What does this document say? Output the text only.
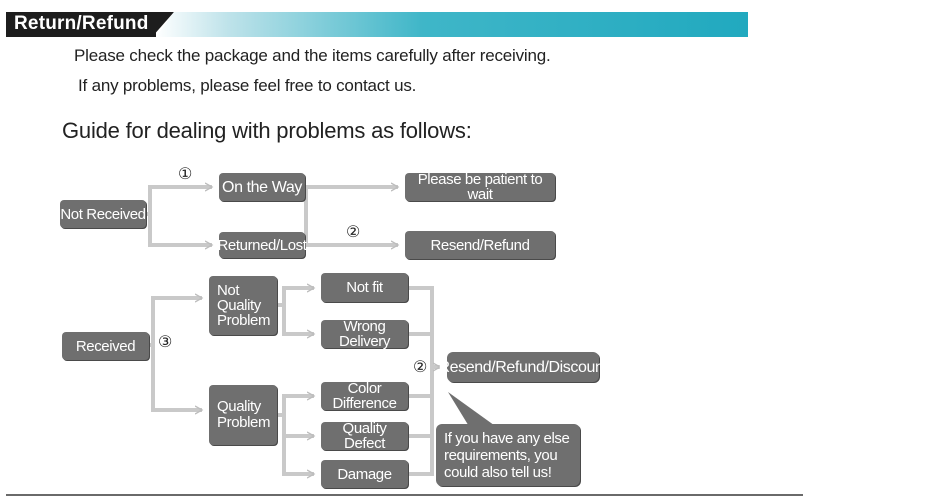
Return/Refund
Please check the package and the items carefully after receiving.
If any problems, please feel free to contact us.
Guide for dealing with problems as follows:
Not Received
On the Way
Returned/Lost
Please be patient to wait
Resend/Refund
Received
Not Quality Problem
Quality Problem
Not fit
Wrong Delivery
Color Difference
Quality Defect
Damage
Resend/Refund/Discount
If you have any else requirements, you could also tell us!
①
②
③
②
